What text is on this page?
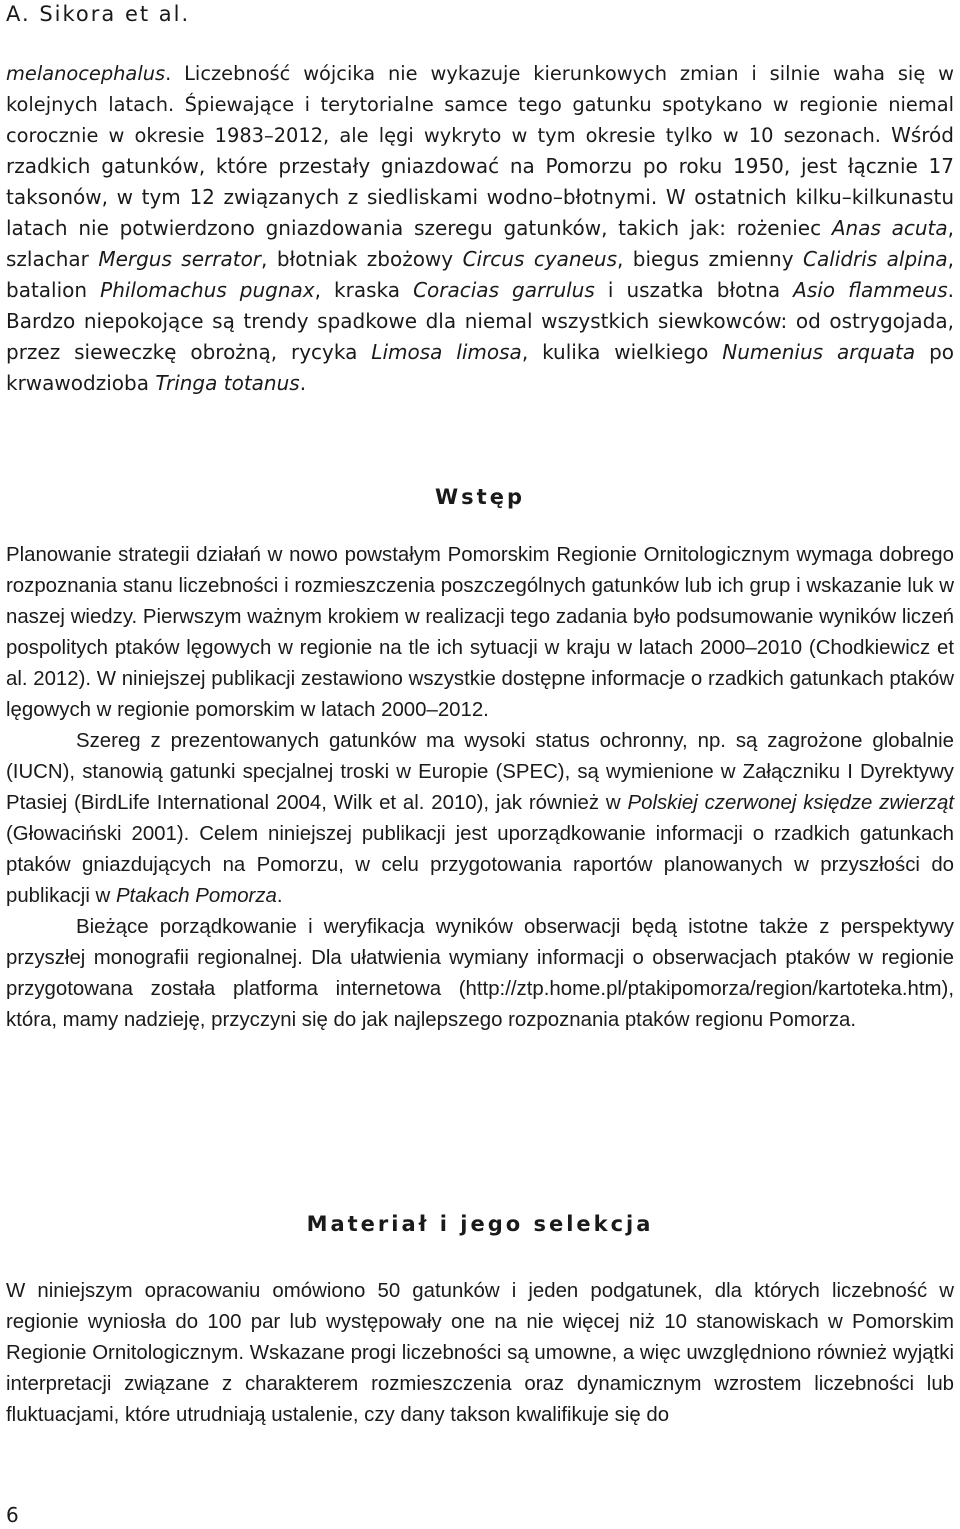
A. Sikora et al.

melanocephalus. Liczebność wójcika nie wykazuje kierunkowych zmian i silnie waha się w kolejnych latach. Śpiewające i terytorialne samce tego gatunku spotykano w regionie niemal corocznie w okresie 1983–2012, ale lęgi wykryto w tym okresie tylko w 10 sezonach. Wśród rzadkich gatunków, które przestały gniazdować na Pomorzu po roku 1950, jest łącznie 17 taksonów, w tym 12 związanych z siedliskami wodno–błotnymi. W ostatnich kilku–kilkunastu latach nie potwierdzono gniazdowania szeregu gatunków, takich jak: rożeniec Anas acuta, szlachar Mergus serrator, błotniak zbożowy Circus cyaneus, biegus zmienny Calidris alpina, batalion Philomachus pugnax, kraska Coracias garrulus i uszatka błotna Asio flammeus. Bardzo niepokojące są trendy spadkowe dla niemal wszystkich siewkowców: od ostrygojada, przez sieweczkę obrożną, rycyka Limosa limosa, kulika wielkiego Numenius arquata po krwawodzioba Tringa totanus.

Wstęp

Planowanie strategii działań w nowo powstałym Pomorskim Regionie Ornitologicznym wymaga dobrego rozpoznania stanu liczebności i rozmieszczenia poszczególnych gatunków lub ich grup i wskazanie luk w naszej wiedzy. Pierwszym ważnym krokiem w realizacji tego zadania było podsumowanie wyników liczeń pospolitych ptaków lęgowych w regionie na tle ich sytuacji w kraju w latach 2000–2010 (Chodkiewicz et al. 2012). W niniejszej publikacji zestawiono wszystkie dostępne informacje o rzadkich gatunkach ptaków lęgowych w regionie pomorskim w latach 2000–2012.

Szereg z prezentowanych gatunków ma wysoki status ochronny, np. są zagrożone globalnie (IUCN), stanowią gatunki specjalnej troski w Europie (SPEC), są wymienione w Załączniku I Dyrektywy Ptasiej (BirdLife International 2004, Wilk et al. 2010), jak również w Polskiej czerwonej księdze zwierząt (Głowaciński 2001). Celem niniejszej publikacji jest uporządkowanie informacji o rzadkich gatunkach ptaków gniazdujących na Pomorzu, w celu przygotowania raportów planowanych w przyszłości do publikacji w Ptakach Pomorza.

Bieżące porządkowanie i weryfikacja wyników obserwacji będą istotne także z perspektywy przyszłej monografii regionalnej. Dla ułatwienia wymiany informacji o obserwacjach ptaków w regionie przygotowana została platforma internetowa (http://ztp.home.pl/ptakipomorza/region/kartoteka.htm), która, mamy nadzieję, przyczyni się do jak najlepszego rozpoznania ptaków regionu Pomorza.

Materiał i jego selekcja

W niniejszym opracowaniu omówiono 50 gatunków i jeden podgatunek, dla których liczebność w regionie wyniosła do 100 par lub występowały one na nie więcej niż 10 stanowiskach w Pomorskim Regionie Ornitologicznym. Wskazane progi liczebności są umowne, a więc uwzględniono również wyjątki interpretacji związane z charakterem rozmieszczenia oraz dynamicznym wzrostem liczebności lub fluktuacjami, które utrudniają ustalenie, czy dany takson kwalifikuje się do

6
